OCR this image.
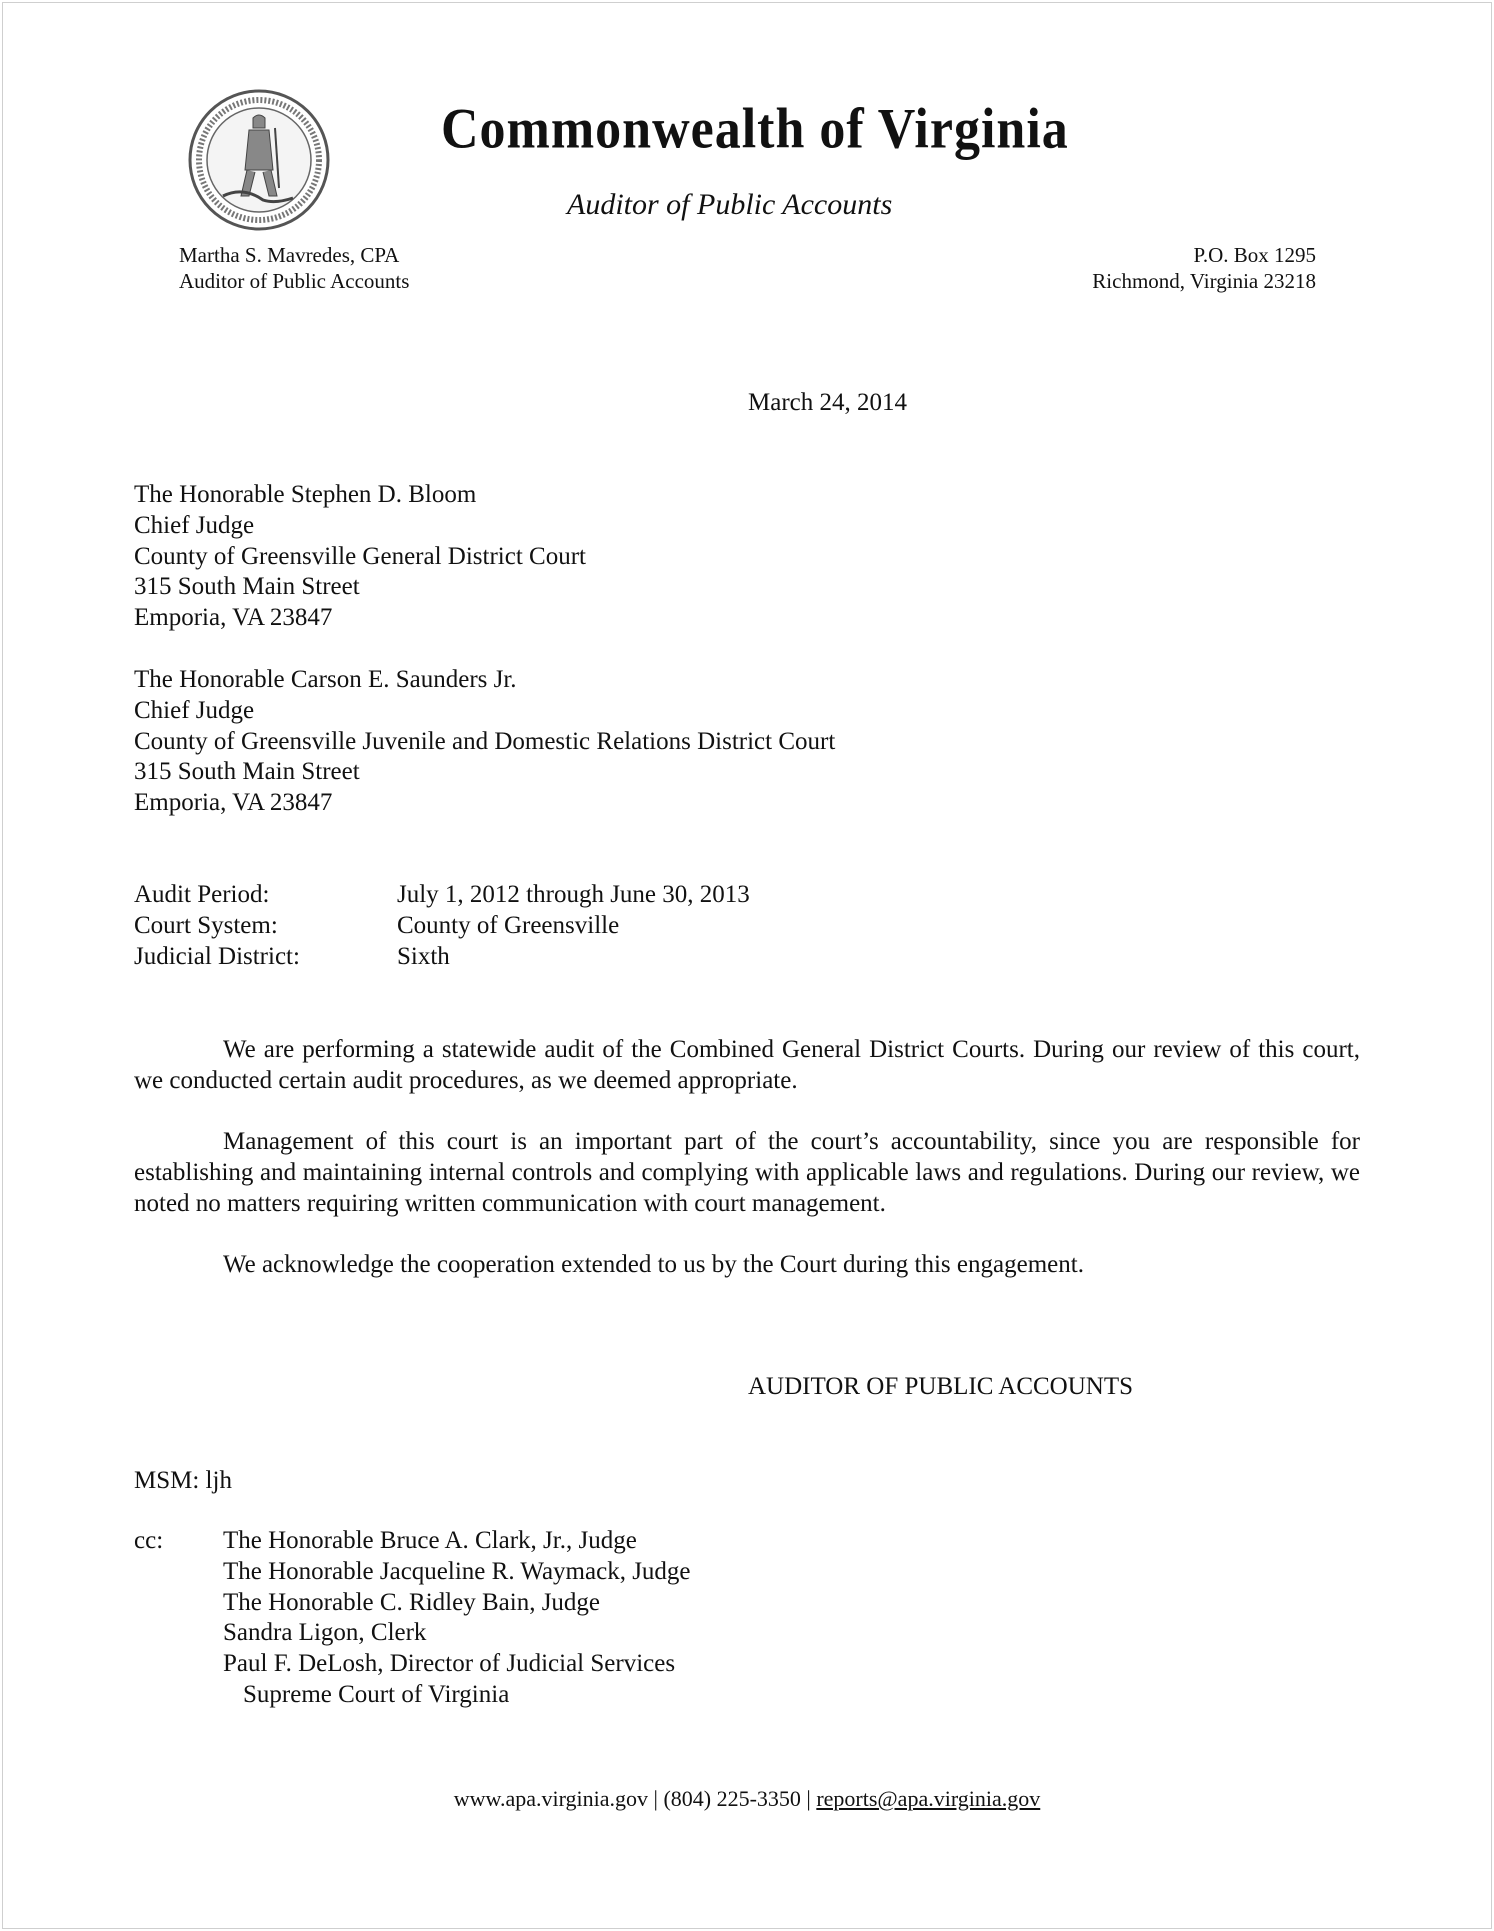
Commonwealth of Virginia
Auditor of Public Accounts
Martha S. Mavredes, CPA
Auditor of Public Accounts
P.O. Box 1295
Richmond, Virginia 23218
March 24, 2014
The Honorable Stephen D. Bloom
Chief Judge
County of Greensville General District Court
315 South Main Street
Emporia, VA 23847
The Honorable Carson E. Saunders Jr.
Chief Judge
County of Greensville Juvenile and Domestic Relations District Court
315 South Main Street
Emporia, VA 23847
Audit Period:	July 1, 2012 through June 30, 2013
Court System:	County of Greensville
Judicial District:	Sixth
We are performing a statewide audit of the Combined General District Courts. During our review of this court, we conducted certain audit procedures, as we deemed appropriate.
Management of this court is an important part of the court’s accountability, since you are responsible for establishing and maintaining internal controls and complying with applicable laws and regulations. During our review, we noted no matters requiring written communication with court management.
We acknowledge the cooperation extended to us by the Court during this engagement.
AUDITOR OF PUBLIC ACCOUNTS
MSM: ljh
cc:	The Honorable Bruce A. Clark, Jr., Judge
The Honorable Jacqueline R. Waymack, Judge
The Honorable C. Ridley Bain, Judge
Sandra Ligon, Clerk
Paul F. DeLosh, Director of Judicial Services
Supreme Court of Virginia
www.apa.virginia.gov | (804) 225-3350 | reports@apa.virginia.gov
